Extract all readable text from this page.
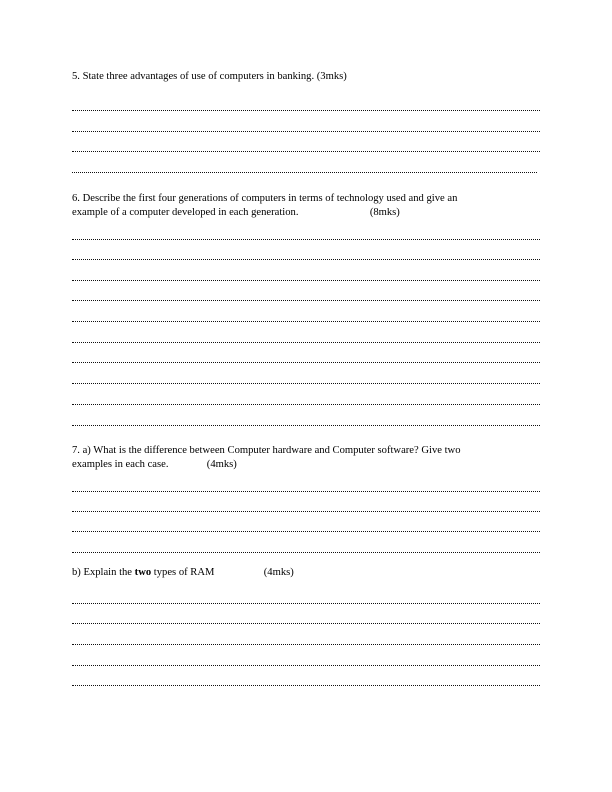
5. State three advantages of use of computers in banking. (3mks)
6. Describe the first four generations of computers in terms of technology used and give an
example of a computer developed in each generation.	(8mks)
7. a) What is the difference between Computer hardware and Computer software? Give two
examples in each case.	(4mks)
b) Explain the two types of RAM	(4mks)
